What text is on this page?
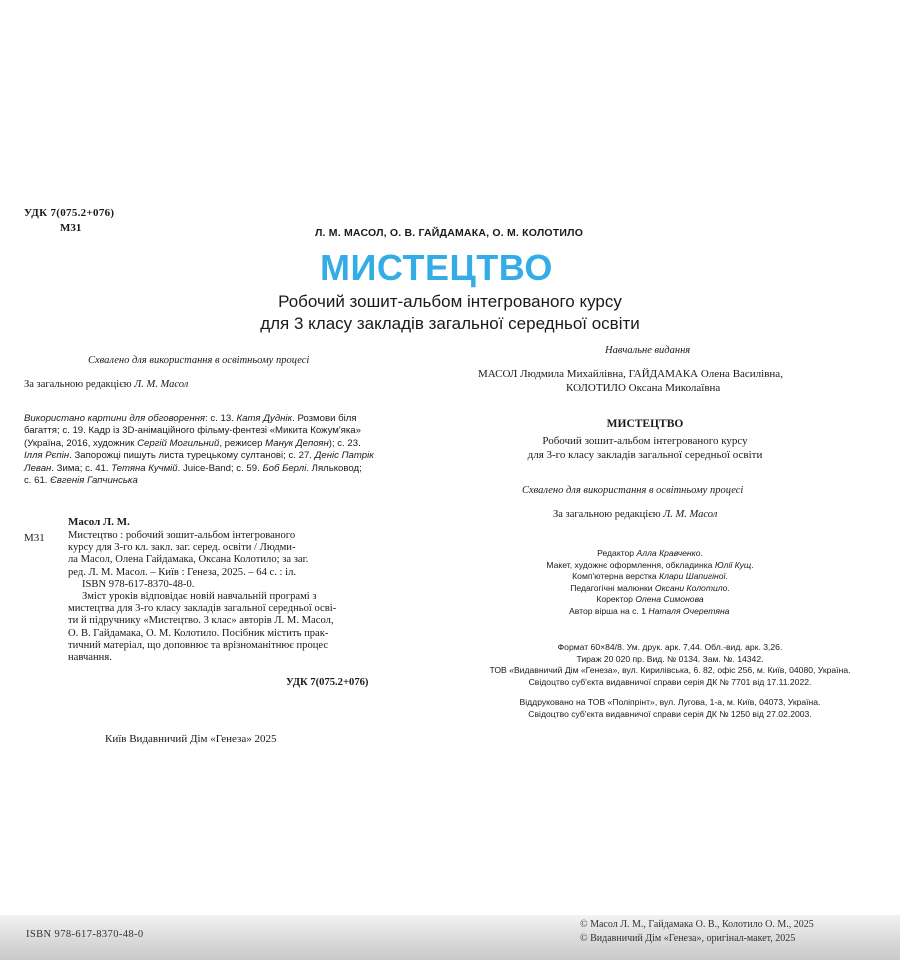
УДК 7(075.2+076)
М31	Л. М. МАСОЛ, О. В. ГАЙДАМАКА, О. М. КОЛОТИЛО
МИСТЕЦТВО
Робочий зошит-альбом інтегрованого курсу
для 3 класу закладів загальної середньої освіти
Схвалено для використання в освітньому процесі
За загальною редакцією Л. М. Масол
Використано картини для обговорення: с. 13. Катя Дуднік. Розмови біля
багаття; с. 19. Кадр із 3D-анімаційного фільму-фентезі «Микита Кожум'яка»
(Україна, 2016, художник Сергій Могильний, режисер Манук Депоян); с. 23.
Ілля Рєпін. Запорожці пишуть листа турецькому султанові; с. 27. Деніс Патрік
Леван. Зима; с. 41. Тетяна Кучмій. Juice-Band; с. 59. Боб Берлі. Ляльковод;
с. 61. Євгенія Гапчинська
Масол Л. М.
М31 Мистецтво : робочий зошит-альбом інтегрованого
курсу для 3-го кл. закл. заг. серед. освіти / Людми-
ла Масол, Олена Гайдамака, Оксана Колотило; за заг.
ред. Л. М. Масол. – Київ : Генеза, 2025. – 64 с. : іл.
ISBN 978-617-8370-48-0.
Зміст уроків відповідає новій навчальній програмі з
мистецтва для 3-го класу закладів загальної середньої осві-
ти й підручнику «Мистецтво. 3 клас» авторів Л. М. Масол,
О. В. Гайдамака, О. М. Колотило. Посібник містить прак-
тичний матеріал, що доповнює та врізноманітнює процес
навчання.
УДК 7(075.2+076)
Київ Видавничий Дім «Генеза» 2025
Навчальне видання
МАСОЛ Людмила Михайлівна, ГАЙДАМАКА Олена Василівна,
КОЛОТИЛО Оксана Миколаївна
МИСТЕЦТВО
Робочий зошит-альбом інтегрованого курсу
для 3-го класу закладів загальної середньої освіти
Схвалено для використання в освітньому процесі
За загальною редакцією Л. М. Масол
Редактор Алла Кравченко.
Макет, художнє оформлення, обкладинка Юлії Кущ.
Комп'ютерна верстка Клари Шапигіної.
Педагогічні малюнки Оксани Колотило.
Коректор Олена Симонова
Автор вірша на с. 1 Наталя Очеретяна
Формат 60×84/8. Ум. друк. арк. 7,44. Обл.-вид. арк. 3,26.
Тираж 20 020 пр. Вид. № 0134. Зам. №. 14342.
ТОВ «Видавничий Дім «Генеза», вул. Кирилівська, 6. 82, офіс 256, м. Київ, 04080, Україна.
Свідоцтво суб'єкта видавничої справи серія ДК № 7701 від 17.11.2022.
Віддруковано на ТОВ «Поліпрінт», вул. Лугова, 1-а, м. Київ, 04073, Україна.
Свідоцтво суб'єкта видавничої справи серія ДК № 1250 від 27.02.2003.
ISBN 978-617-8370-48-0
© Масол Л. М., Гайдамака О. В., Колотило О. М., 2025
© Видавничий Дім «Генеза», оригінал-макет, 2025
